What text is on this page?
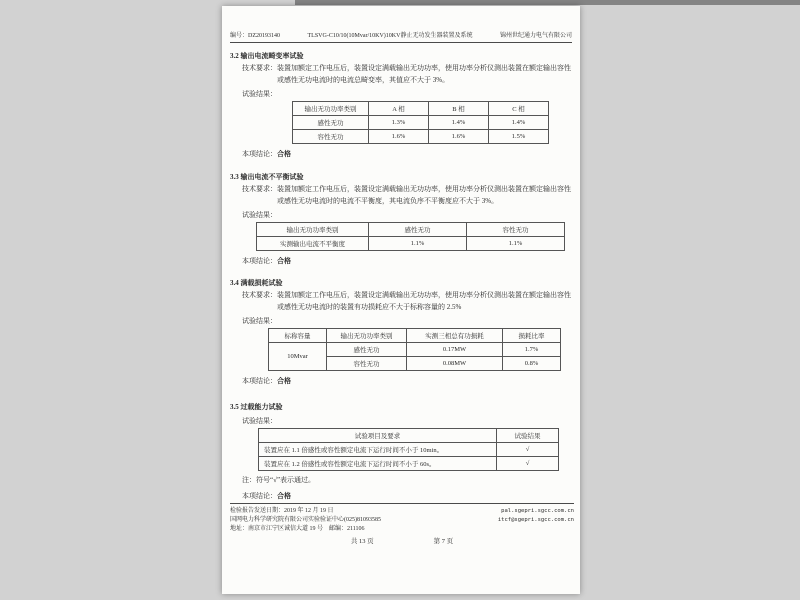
编号：DZ20193140	TLSVG-C10/10(10Mvar/10KV)10KV静止无功发生器装置及系统	锦州世纪通力电气有限公司
3.2 输出电流畸变率试验
技术要求： 装置加额定工作电压后，装置设定满载输出无功功率，使用功率分析仪测出装置在额定输出容性或感性无功电流时的电流总畸变率，其值应不大于 3%。
试验结果：
输出无功功率类别	A 相	B 相	C 相
感性无功	1.3%	1.4%	1.4%
容性无功	1.6%	1.6%	1.5%
本项结论：合格
3.3 输出电流不平衡试验
技术要求： 装置加额定工作电压后，装置设定满载输出无功功率，使用功率分析仪测出装置在额定输出容性或感性无功电流时的电流不平衡度，其电流负序不平衡度应不大于 3%。
试验结果：
输出无功功率类别	感性无功	容性无功
实测输出电流不平衡度	1.1%	1.1%
本项结论：合格
3.4 满载损耗试验
技术要求： 装置加额定工作电压后，装置设定满载输出无功功率，使用功率分析仪测出装置在额定输出容性或感性无功电流时的装置有功损耗应不大于标称容量的 2.5%
试验结果：
标称容量	输出无功功率类别	实测三相总有功损耗	损耗比率
10Mvar	感性无功	0.17MW	1.7%
	容性无功	0.08MW	0.8%
本项结论：合格
3.5 过载能力试验
试验结果：
试验项目及要求	试验结果
装置应在 1.1 倍感性或容性额定电流下运行时间不小于 10min。	√
装置应在 1.2 倍感性或容性额定电流下运行时间不小于 60s。	√
注：符号“√”表示通过。
本项结论：合格
检验报告发送日期：2019 年 12 月 19 日
国网电力科学研究院有限公司实验验证中心(025)81093585
地址：南京市江宁区诚信大道 19 号　邮编：211106
pal.sgepri.sgcc.com.cn
itcf@sgepri.sgcc.com.cn
共 13 页	第 7 页
